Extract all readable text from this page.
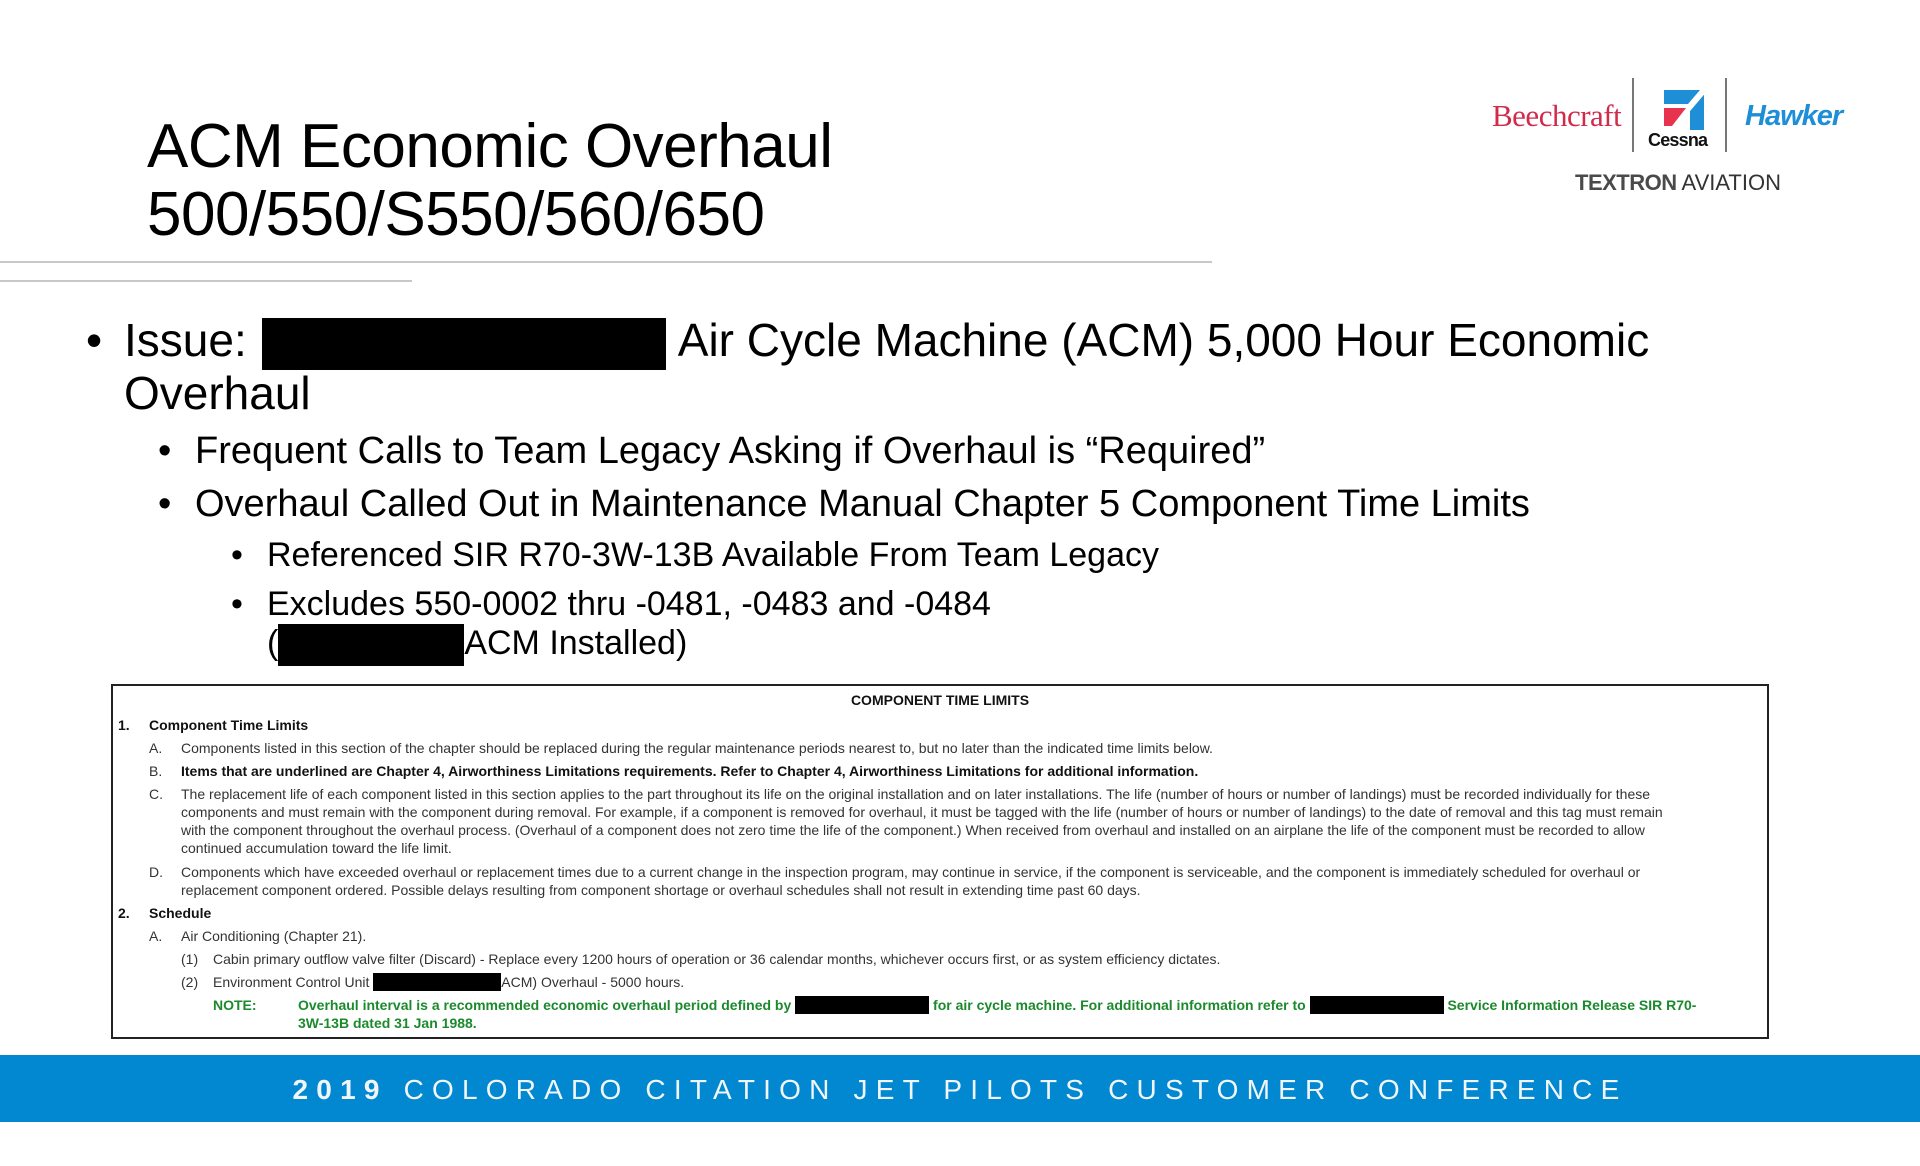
ACM Economic Overhaul
500/550/S550/560/650
Beechcraft
Cessna
Hawker
TEXTRON AVIATION
• Issue:	Air Cycle Machine (ACM) 5,000 Hour Economic
Overhaul
• Frequent Calls to Team Legacy Asking if Overhaul is “Required”
• Overhaul Called Out in Maintenance Manual Chapter 5 Component Time Limits
• Referenced SIR R70-3W-13B Available From Team Legacy
• Excludes 550-0002 thru -0481, -0483 and -0484
(	ACM Installed)
COMPONENT TIME LIMITS
1. Component Time Limits
A. Components listed in this section of the chapter should be replaced during the regular maintenance periods nearest to, but no later than the indicated time limits below.
B. Items that are underlined are Chapter 4, Airworthiness Limitations requirements. Refer to Chapter 4, Airworthiness Limitations for additional information.
C. The replacement life of each component listed in this section applies to the part throughout its life on the original installation and on later installations. The life (number of hours or number of landings) must be recorded individually for these
components and must remain with the component during removal. For example, if a component is removed for overhaul, it must be tagged with the life (number of hours or number of landings) to the date of removal and this tag must remain
with the component throughout the overhaul process. (Overhaul of a component does not zero time the life of the component.) When received from overhaul and installed on an airplane the life of the component must be recorded to allow
continued accumulation toward the life limit.
D. Components which have exceeded overhaul or replacement times due to a current change in the inspection program, may continue in service, if the component is serviceable, and the component is immediately scheduled for overhaul or
replacement component ordered. Possible delays resulting from component shortage or overhaul schedules shall not result in extending time past 60 days.
2. Schedule
A. Air Conditioning (Chapter 21).
(1) Cabin primary outflow valve filter (Discard) - Replace every 1200 hours of operation or 36 calendar months, whichever occurs first, or as system efficiency dictates.
(2) Environment Control Unit	ACM) Overhaul - 5000 hours.
NOTE:	Overhaul interval is a recommended economic overhaul period defined by	for air cycle machine. For additional information refer to	Service Information Release SIR R70-
3W-13B dated 31 Jan 1988.
2019 COLORADO CITATION JET PILOTS CUSTOMER CONFERENCE
